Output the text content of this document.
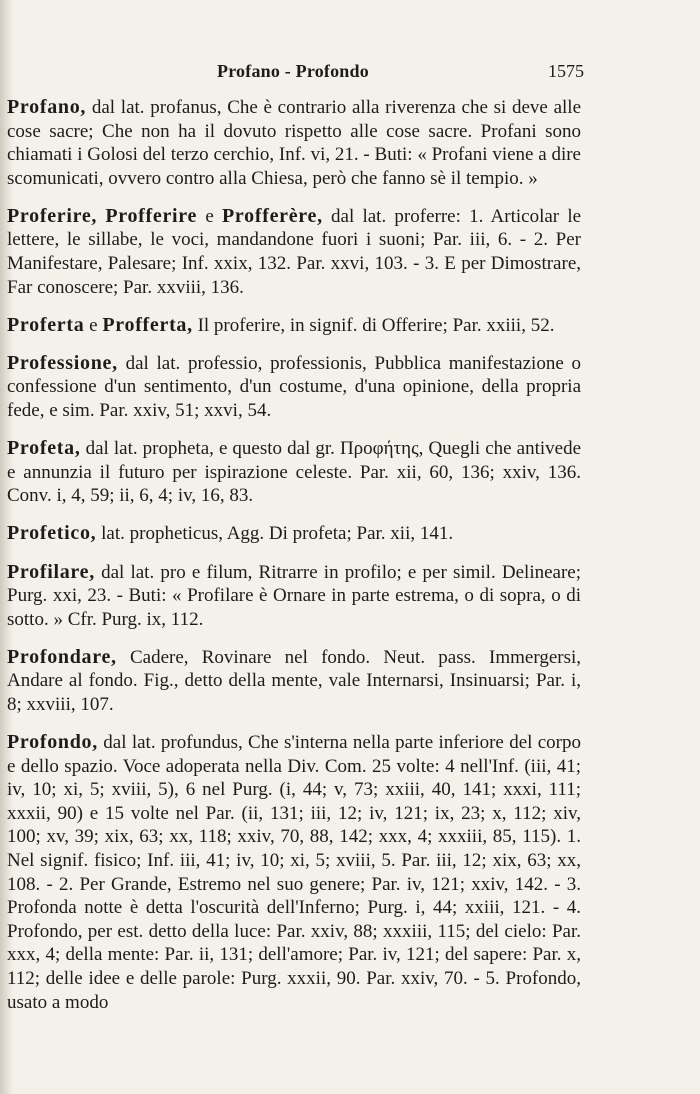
Profano - Profondo	1575

Profano, dal lat. profanus, Che è contrario alla riverenza che si deve alle cose sacre; Che non ha il dovuto rispetto alle cose sacre. Profani sono chiamati i Golosi del terzo cerchio, Inf. vi, 21. - Buti: « Profani viene a dire scomunicati, ovvero contro alla Chiesa, però che fanno sè il tempio. »

Proferire, Profferire e Profferère, dal lat. proferre: 1. Articolar le lettere, le sillabe, le voci, mandandone fuori i suoni; Par. iii, 6. - 2. Per Manifestare, Palesare; Inf. xxix, 132. Par. xxvi, 103. - 3. E per Dimostrare, Far conoscere; Par. xxviii, 136.

Proferta e Profferta, Il proferire, in signif. di Offerire; Par. xxiii, 52.

Professione, dal lat. professio, professionis, Pubblica manifestazione o confessione d'un sentimento, d'un costume, d'una opinione, della propria fede, e sim. Par. xxiv, 51; xxvi, 54.

Profeta, dal lat. propheta, e questo dal gr. Προφήτης, Quegli che antivede e annunzia il futuro per ispirazione celeste. Par. xii, 60, 136; xxiv, 136. Conv. i, 4, 59; ii, 6, 4; iv, 16, 83.

Profetico, lat. propheticus, Agg. Di profeta; Par. xii, 141.

Profilare, dal lat. pro e filum, Ritrarre in profilo; e per simil. Delineare; Purg. xxi, 23. - Buti: « Profilare è Ornare in parte estrema, o di sopra, o di sotto. » Cfr. Purg. ix, 112.

Profondare, Cadere, Rovinare nel fondo. Neut. pass. Immergersi, Andare al fondo. Fig., detto della mente, vale Internarsi, Insinuarsi; Par. i, 8; xxviii, 107.

Profondo, dal lat. profundus, Che s'interna nella parte inferiore del corpo e dello spazio. Voce adoperata nella Div. Com. 25 volte: 4 nell'Inf. (iii, 41; iv, 10; xi, 5; xviii, 5), 6 nel Purg. (i, 44; v, 73; xxiii, 40, 141; xxxi, 111; xxxii, 90) e 15 volte nel Par. (ii, 131; iii, 12; iv, 121; ix, 23; x, 112; xiv, 100; xv, 39; xix, 63; xx, 118; xxiv, 70, 88, 142; xxx, 4; xxxiii, 85, 115). 1. Nel signif. fisico; Inf. iii, 41; iv, 10; xi, 5; xviii, 5. Par. iii, 12; xix, 63; xx, 108. - 2. Per Grande, Estremo nel suo genere; Par. iv, 121; xxiv, 142. - 3. Profonda notte è detta l'oscurità dell'Inferno; Purg. i, 44; xxiii, 121. - 4. Profondo, per est. detto della luce: Par. xxiv, 88; xxxiii, 115; del cielo: Par. xxx, 4; della mente: Par. ii, 131; dell'amore; Par. iv, 121; del sapere: Par. x, 112; delle idee e delle parole: Purg. xxxii, 90. Par. xxiv, 70. - 5. Profondo, usato a modo
